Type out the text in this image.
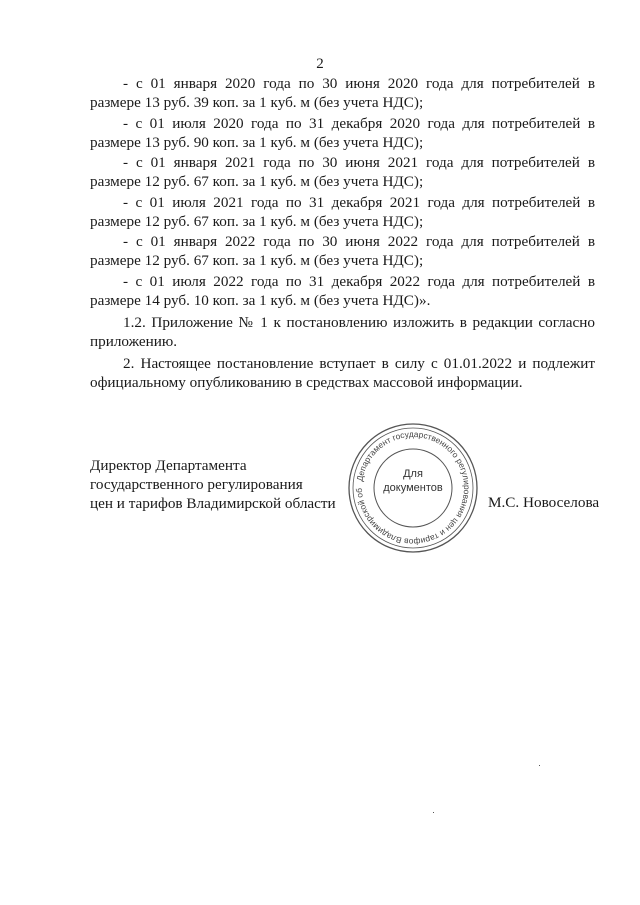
2

- с 01 января 2020 года по 30 июня 2020 года для потребителей в размере 13 руб. 39 коп. за 1 куб. м (без учета НДС);

- с 01 июля 2020 года по 31 декабря 2020 года для потребителей в размере 13 руб. 90 коп. за 1 куб. м (без учета НДС);

- с 01 января 2021 года по 30 июня 2021 года для потребителей в размере 12 руб. 67 коп. за 1 куб. м (без учета НДС);

- с 01 июля 2021 года по 31 декабря 2021 года для потребителей в размере 12 руб. 67 коп. за 1 куб. м (без учета НДС);

- с 01 января 2022 года по 30 июня 2022 года для потребителей в размере 12 руб. 67 коп. за 1 куб. м (без учета НДС);

- с 01 июля 2022 года по 31 декабря 2022 года для потребителей в размере 14 руб. 10 коп. за 1 куб. м (без учета НДС)».

1.2. Приложение № 1 к постановлению изложить в редакции согласно приложению.

2. Настоящее постановление вступает в силу с 01.01.2022 и подлежит официальному опубликованию в средствах массовой информации.

Директор Департамента
государственного регулирования
цен и тарифов Владимирской области
Департамент государственного регулирования цен и тарифов Владимирской об
Для
документов
М.С. Новоселова
